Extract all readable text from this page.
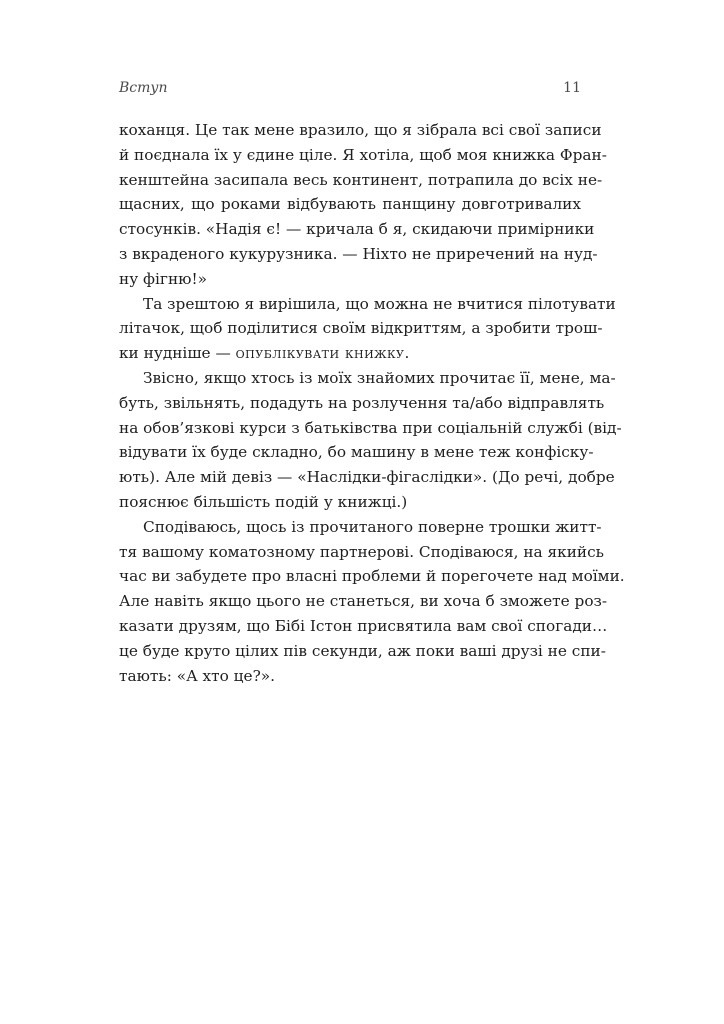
Вступ	11
коханця. Це так мене вразило, що я зібрала всі свої записи
й поєднала їх у єдине ціле. Я хотіла, щоб моя книжка Фран-
кенштейна засипала весь континент, потрапила до всіх не-
щасних, що роками відбувають панщину довготривалих
стосунків. «Надія є! — кричала б я, скидаючи примірники
з вкраденого кукурузника. — Ніхто не приречений на нуд-
ну фігню!»
Та зрештою я вирішила, що можна не вчитися пілотувати
літачок, щоб поділитися своїм відкриттям, а зробити трош-
ки нудніше — опублікувати книжку.
Звісно, якщо хтось із моїх знайомих прочитає її, мене, ма-
буть, звільнять, подадуть на розлучення та/або відправлять
на обов’язкові курси з батьківства при соціальній службі (від-
відувати їх буде складно, бо машину в мене теж конфіску-
ють). Але мій девіз — «Наслідки-фігаслідки». (До речі, добре
пояснює більшість подій у книжці.)
Сподіваюсь, щось із прочитаного поверне трошки житт-
тя вашому коматозному партнерові. Сподіваюся, на якийсь
час ви забудете про власні проблеми й порегочете над моїми.
Але навіть якщо цього не станеться, ви хоча б зможете роз-
казати друзям, що Бібі Істон присвятила вам свої спогади…
це буде круто цілих пів секунди, аж поки ваші друзі не спи-
тають: «А хто це?».
